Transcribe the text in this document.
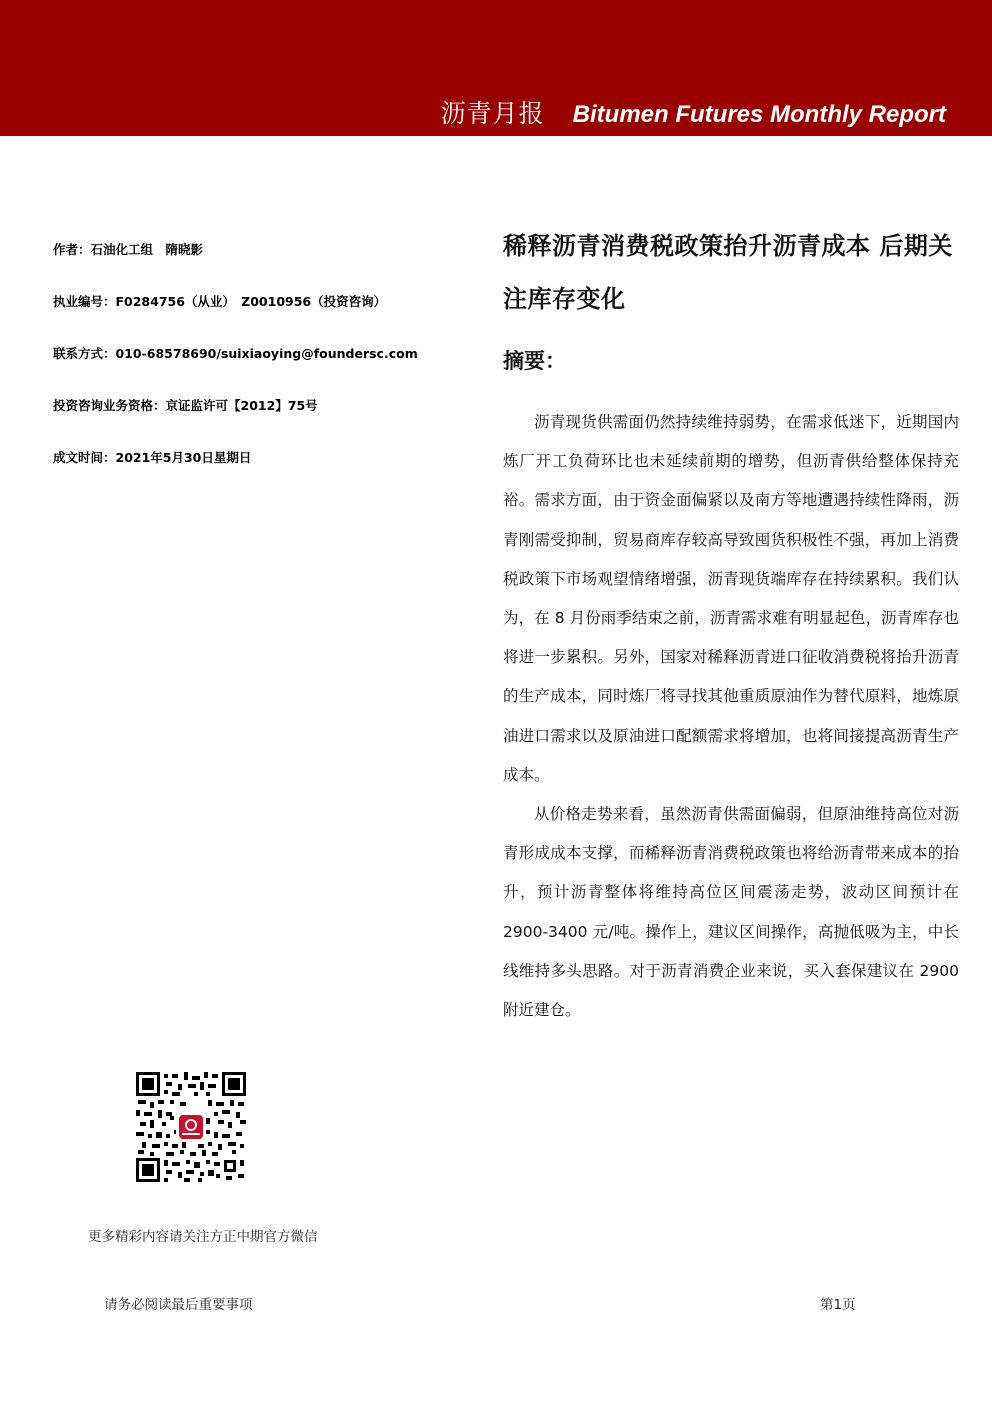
沥青月报 Bitumen Futures Monthly Report
作者：石油化工组　隋晓影
执业编号：F0284756（从业）　Z0010956（投资咨询）
联系方式：010-68578690/suixiaoying@foundersc.com
投资咨询业务资格：京证监许可【2012】75号
成文时间：2021年5月30日星期日
稀释沥青消费税政策抬升沥青成本 后期关注库存变化
摘要：

沥青现货供需面仍然持续维持弱势，在需求低迷下，近期国内炼厂开工负荷环比也未延续前期的增势，但沥青供给整体保持充裕。需求方面，由于资金面偏紧以及南方等地遭遇持续性降雨，沥青刚需受抑制，贸易商库存较高导致囤货积极性不强，再加上消费税政策下市场观望情绪增强，沥青现货端库存在持续累积。我们认为，在 8 月份雨季结束之前，沥青需求难有明显起色，沥青库存也将进一步累积。另外，国家对稀释沥青进口征收消费税将抬升沥青的生产成本，同时炼厂将寻找其他重质原油作为替代原料，地炼原油进口需求以及原油进口配额需求将增加，也将间接提高沥青生产成本。

从价格走势来看，虽然沥青供需面偏弱，但原油维持高位对沥青形成成本支撑，而稀释沥青消费税政策也将给沥青带来成本的抬升，预计沥青整体将维持高位区间震荡走势，波动区间预计在 2900-3400 元/吨。操作上，建议区间操作，高抛低吸为主，中长线维持多头思路。对于沥青消费企业来说，买入套保建议在 2900 附近建仓。

更多精彩内容请关注方正中期官方微信
请务必阅读最后重要事项	第1页
